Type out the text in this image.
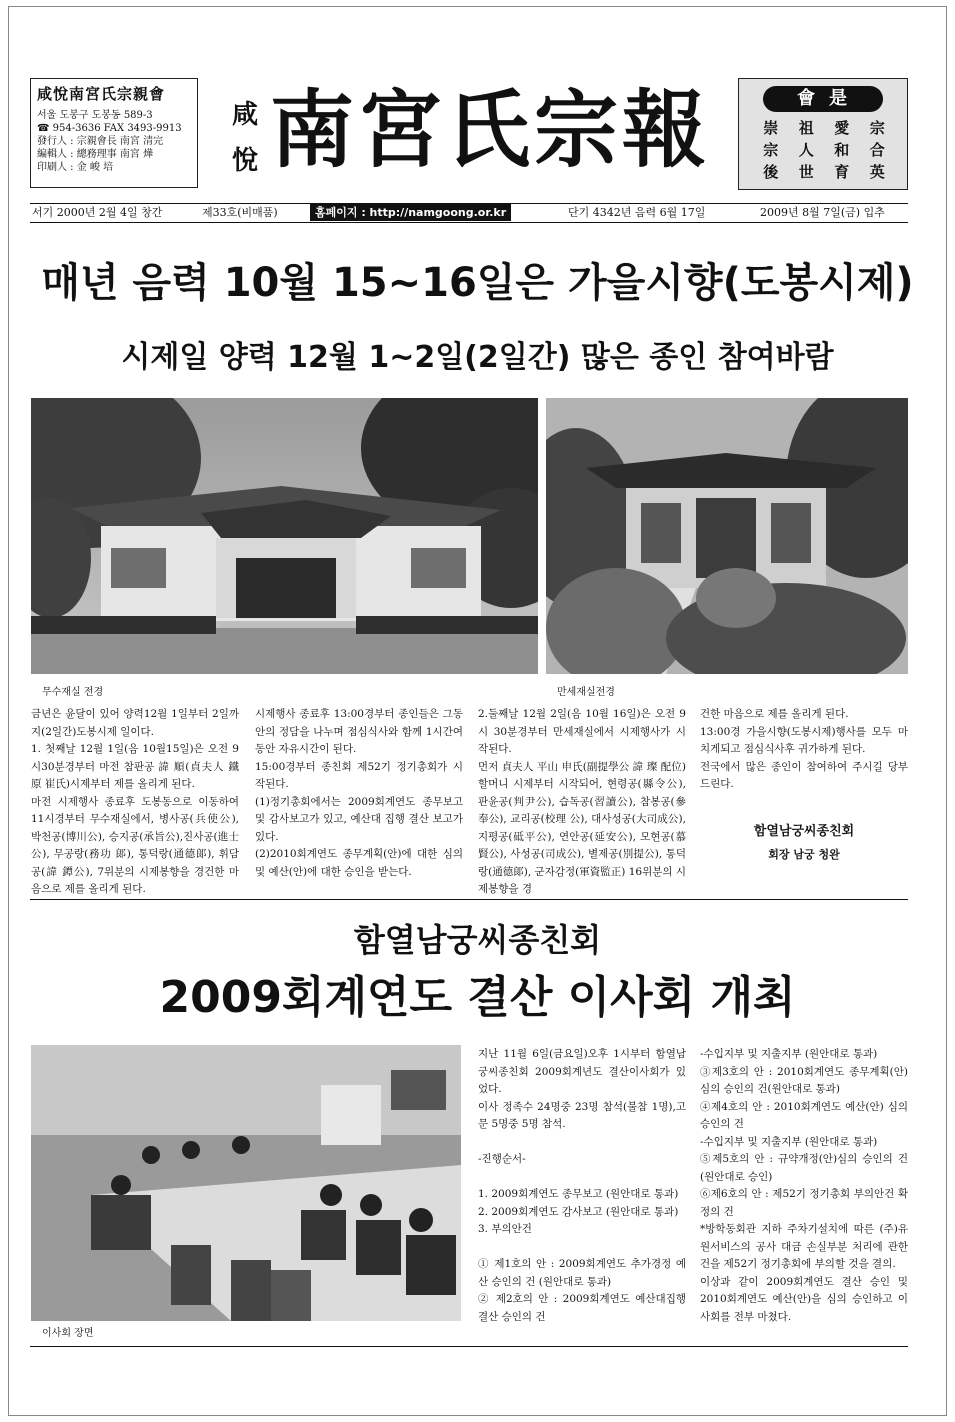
咸悅南宮氏宗親會
서울 도봉구 도봉동 589-3
☎ 954-3636 FAX 3493-9913
發行人 : 宗親會長 南宮 清完
編輯人 : 總務理事 南宮 燁
印刷人 : 金 峻 培
咸
悅 南宮氏宗報	會是
崇	祖	愛	宗
宗	人	和	合
後	世	育	英
서기 2000년 2월 4일 창간	제33호(비매품)	홈페이지 : http://namgoong.or.kr	단기 4342년 음력 6월 17일	2009년 8월 7일(금) 입추
매년 음력 10월 15~16일은 가을시향(도봉시제)
시제일 양력 12월 1~2일(2일간) 많은 종인 참여바람
무수재실 전경	만세재실전경

금년은 윤달이 있어 양력12월 1일부터 2일까지(2일간)도봉시제 일이다.

1. 첫째날 12월 1일(음 10월15일)은 오전 9시30분경부터 마전 참판공 諱 順(貞夫人 鐵原 崔氏)시제부터 제를 올리게 된다.

마전 시제행사 종료후 도봉동으로 이동하여 11시경부터 무수재실에서, 병사공(兵使公), 박천공(博川公), 승지공(承旨公),진사공(進士公), 무공랑(務功 郞), 통덕랑(通德郞), 휘담공(諱 鐔公), 7위분의 시제봉향을 경건한 마음으로 제를 올리게 된다.

시제행사 종료후 13:00경부터 종인들은 그동안의 정담을 나누며 점심식사와 함께 1시간여 동안 자유시간이 된다.

15:00경부터 종친회 제52기 정기총회가 시작된다.

(1)정기총회에서는 2009회계연도 종무보고 및 감사보고가 있고, 예산대 집행 결산 보고가 있다.

(2)2010회계연도 종무계획(안)에 대한 심의 및 예산(안)에 대한 승인을 받는다.

2.둘째날 12월 2일(음 10월 16일)은 오전 9시 30분경부터 만세재실에서 시제행사가 시작된다.

먼저 貞夫人 平山 申氏(副提學公 諱 璨 配位)할머니 시제부터 시작되어, 현령공(縣令公), 판윤공(判尹公), 습독공(習讀公), 참봉공(參奉公), 교리공(校理 公), 대사성공(大司成公), 지평공(砥平公), 연안공(延安公), 모현공(慕賢公), 사성공(司成公), 별제공(別提公), 통덕랑(通德郞), 군자감정(軍資監正) 16위분의 시제봉향을 경

건한 마음으로 제를 올리게 된다.

13:00경 가을시향(도봉시제)행사를 모두 마치게되고 점심식사후 귀가하게 된다.

전국에서 많은 종인이 참여하여 주시길 당부드린다.

함열남궁씨종친회
회장 남궁 청완
함열남궁씨종친회
2009회계연도 결산 이사회 개최
이사회 장면

지난 11월 6일(금요일)오후 1시부터 함열남궁씨종친회 2009회계년도 결산이사회가 있었다.

이사 정족수 24명중 23명 참석(불참 1명),고문 5명중 5명 참석.

-진행순서-

1. 2009회계연도 종무보고 (원안대로 통과)

2. 2009회계연도 감사보고 (원안대로 통과)

3. 부의안건

① 제1호의 안 : 2009회계연도 추가경정 예산 승인의 건 (원안대로 통과)

② 제2호의 안 : 2009회계연도 예산대집행 결산 승인의 건

-수입지부 및 지출지부 (원안대로 통과)

③제3호의 안 : 2010회계연도 종무계획(안) 심의 승인의 건(원안대로 통과)

④제4호의 안 : 2010회계연도 예산(안) 심의 승인의 건

-수입지부 및 지출지부 (원안대로 통과)

⑤제5호의 안 : 규약개정(안)심의 승인의 건 (원안대로 승인)

⑥제6호의 안 : 제52기 정기총회 부의안건 확정의 건

*방학동회관 지하 주차기설치에 따른 (주)유원서비스의 공사 대금 손실부분 처리에 관한건을 제52기 정기총회에 부의할 것을 결의.

이상과 같이 2009회계연도 결산 승인 및 2010회계연도 예산(안)을 심의 승인하고 이사회를 전부 마쳤다.
